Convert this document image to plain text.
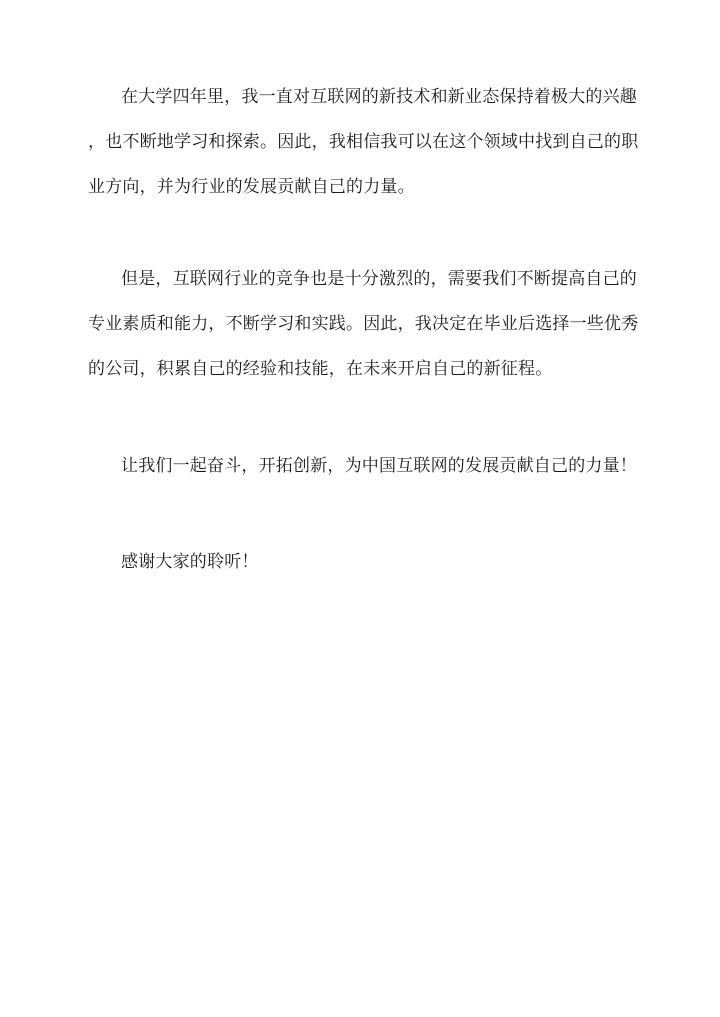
在大学四年里，我一直对互联网的新技术和新业态保持着极大的兴趣

，也不断地学习和探索。因此，我相信我可以在这个领域中找到自己的职

业方向，并为行业的发展贡献自己的力量。

但是，互联网行业的竞争也是十分激烈的，需要我们不断提高自己的

专业素质和能力，不断学习和实践。因此，我决定在毕业后选择一些优秀

的公司，积累自己的经验和技能，在未来开启自己的新征程。

让我们一起奋斗，开拓创新，为中国互联网的发展贡献自己的力量！

感谢大家的聆听！
